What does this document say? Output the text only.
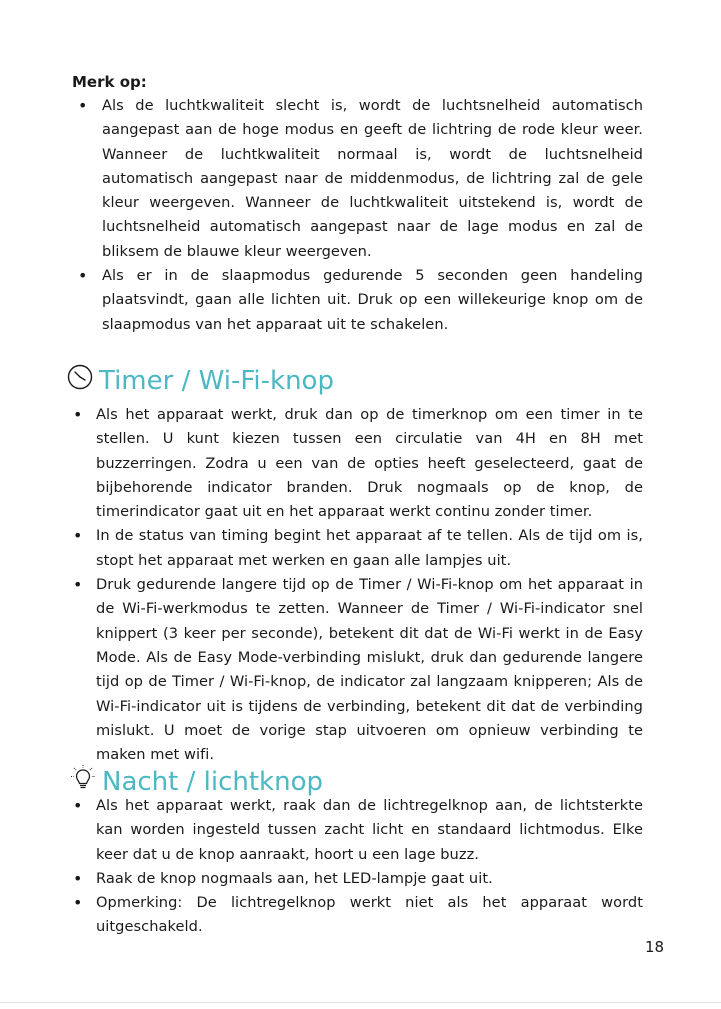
Merk op:
• Als de luchtkwaliteit slecht is, wordt de luchtsnelheid automatisch aangepast aan de hoge modus en geeft de lichtring de rode kleur weer. Wanneer de luchtkwaliteit normaal is, wordt de luchtsnelheid automatisch aangepast naar de middenmodus, de lichtring zal de gele kleur weergeven. Wanneer de luchtkwaliteit uitstekend is, wordt de luchtsnelheid automatisch aangepast naar de lage modus en zal de bliksem de blauwe kleur weergeven.
• Als er in de slaapmodus gedurende 5 seconden geen handeling plaatsvindt, gaan alle lichten uit. Druk op een willekeurige knop om de slaapmodus van het apparaat uit te schakelen.
Timer / Wi-Fi-knop
• Als het apparaat werkt, druk dan op de timerknop om een timer in te stellen. U kunt kiezen tussen een circulatie van 4H en 8H met buzzerringen. Zodra u een van de opties heeft geselecteerd, gaat de bijbehorende indicator branden. Druk nogmaals op de knop, de timerindicator gaat uit en het apparaat werkt continu zonder timer.
• In de status van timing begint het apparaat af te tellen. Als de tijd om is, stopt het apparaat met werken en gaan alle lampjes uit.
• Druk gedurende langere tijd op de Timer / Wi-Fi-knop om het apparaat in de Wi-Fi-werkmodus te zetten. Wanneer de Timer / Wi-Fi-indicator snel knippert (3 keer per seconde), betekent dit dat de Wi-Fi werkt in de Easy Mode. Als de Easy Mode-verbinding mislukt, druk dan gedurende langere tijd op de Timer / Wi-Fi-knop, de indicator zal langzaam knipperen; Als de Wi-Fi-indicator uit is tijdens de verbinding, betekent dit dat de verbinding mislukt. U moet de vorige stap uitvoeren om opnieuw verbinding te maken met wifi.
Nacht / lichtknop
• Als het apparaat werkt, raak dan de lichtregelknop aan, de lichtsterkte kan worden ingesteld tussen zacht licht en standaard lichtmodus. Elke keer dat u de knop aanraakt, hoort u een lage buzz.
• Raak de knop nogmaals aan, het LED-lampje gaat uit.
• Opmerking: De lichtregelknop werkt niet als het apparaat wordt uitgeschakeld.
18
